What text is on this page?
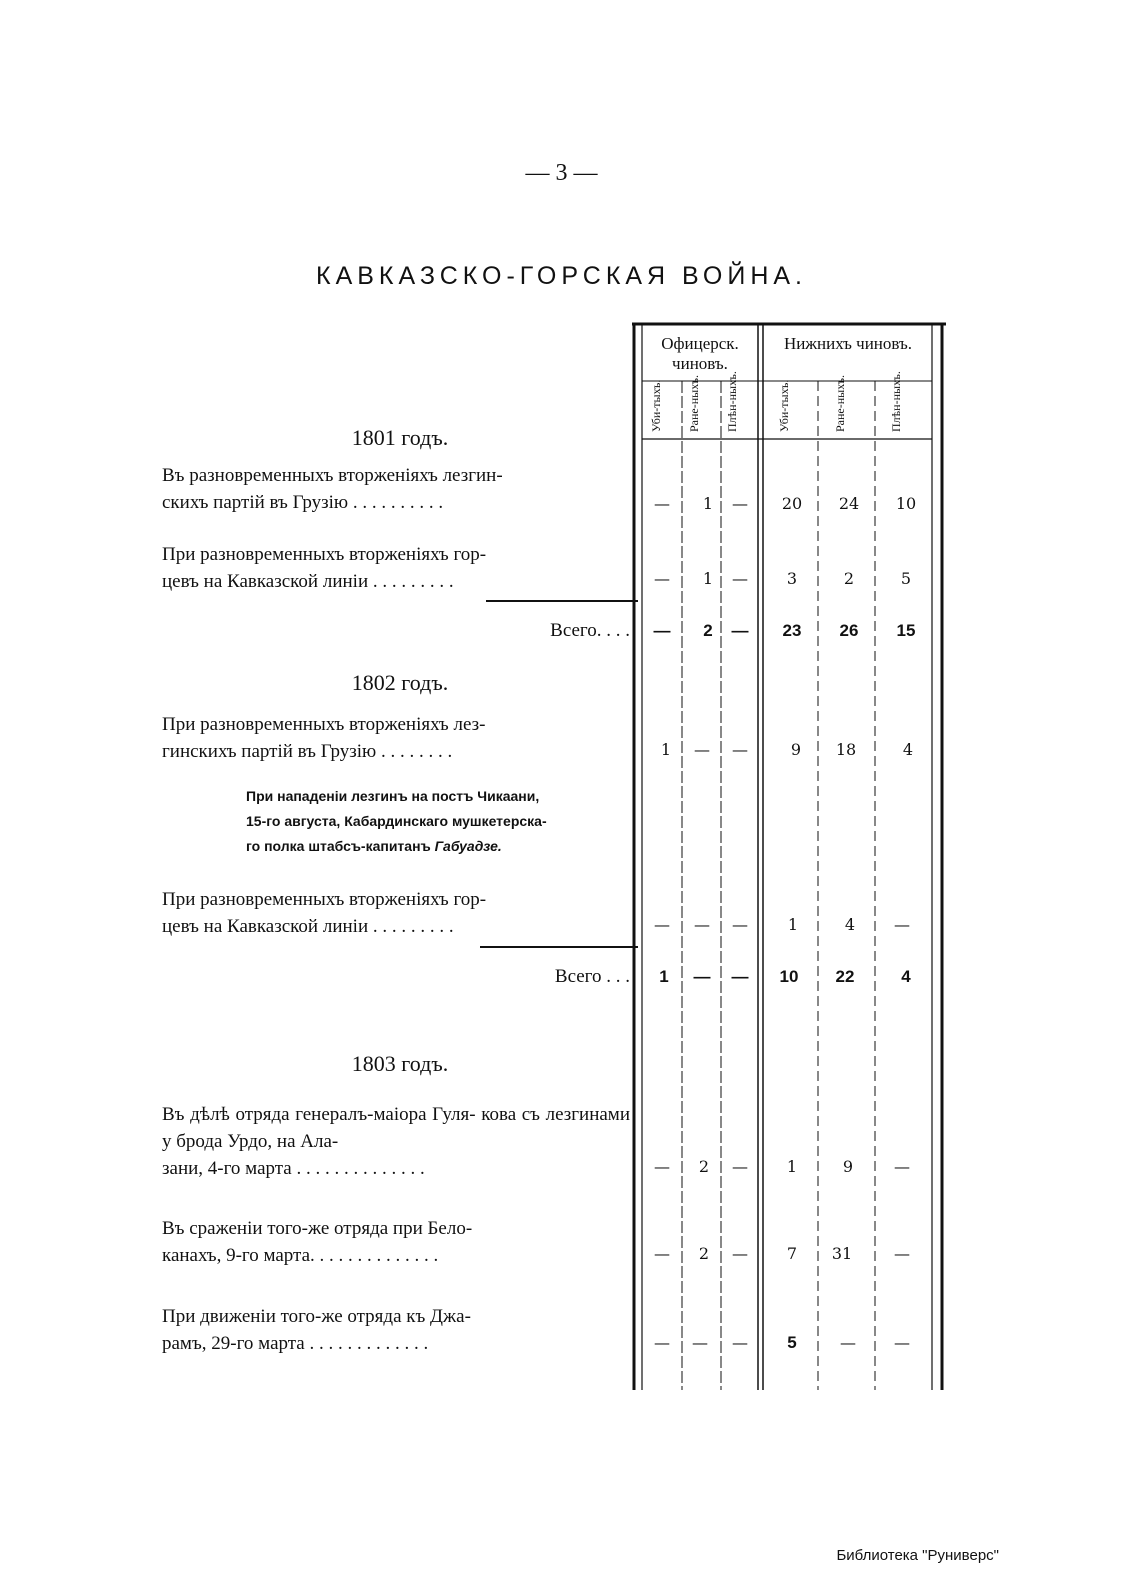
— 3 —
КАВКАЗСКО-ГОРСКАЯ ВОЙНА.
Офицерск. чиновъ.
Нижнихъ чиновъ.
Уби-тыхъ. Ране-ныхъ. Плѣн-ныхъ.	Уби-тыхъ.	Ране-ныхъ.	Плѣн-ныхъ.
1801 годъ.
Въ разновременныхъ вторженіяхъ лезгин-
скихъ партій въ Грузію . . . . . . . . . .	—	1	—	20	24	10
При разновременныхъ вторженіяхъ гор-
цевъ на Кавказской линіи . . . . . . . . .	—	1	—	3	2	5
Всего. . . .	—	2	—	23	26	15
1802 годъ.
При разновременныхъ вторженіяхъ лез-
гинскихъ партій въ Грузію . . . . . . . .	1	—	—	9	18	4
При нападеніи лезгинъ на постъ Чикаани,
15-го августа, Кабардинскаго мушкетерска-
го полка штабсъ-капитанъ Габуадзе.
При разновременныхъ вторженіяхъ гор-
цевъ на Кавказской линіи . . . . . . . . .	—	—	—	1	4	—
Всего . . .	1	—	—	10	22	4
1803 годъ.
Въ дѣлѣ отряда генералъ-маіора Гуля- кова съ лезгинами у брода Урдо, на Ала-
зани, 4-го марта . . . . . . . . . . . . . .	—	2	—	1	9	—
Въ сраженіи того-же отряда при Бело-
канахъ, 9-го марта. . . . . . . . . . . . . .	—	2	—	7	31	—
При движеніи того-же отряда къ Джа-
рамъ, 29-го марта . . . . . . . . . . . . .	—	—	—	5	—	—
Библиотека "Руниверс"
